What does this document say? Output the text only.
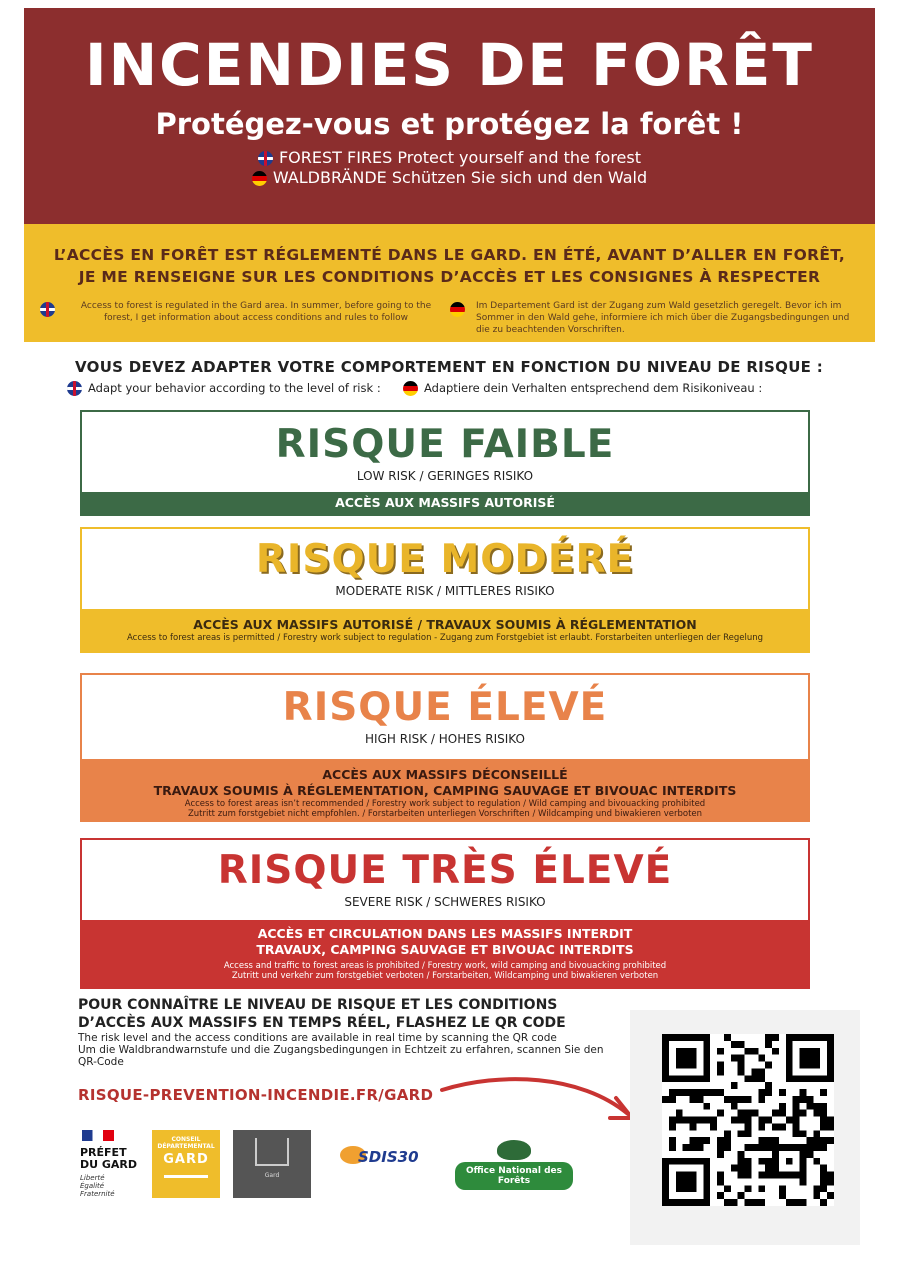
INCENDIES DE FORÊT
Protégez-vous et protégez la forêt !
FOREST FIRES Protect yourself and the forest
WALDBRÄNDE Schützen Sie sich und den Wald
L’ACCÈS EN FORÊT EST RÉGLEMENTÉ DANS LE GARD. EN ÉTÉ, AVANT D’ALLER EN FORÊT,
JE ME RENSEIGNE SUR LES CONDITIONS D’ACCÈS ET LES CONSIGNES À RESPECTER
Access to forest is regulated in the Gard area. In summer, before going to the forest, I get information about access conditions and rules to follow
Im Departement Gard ist der Zugang zum Wald gesetzlich geregelt. Bevor ich im Sommer in den Wald gehe, informiere ich mich über die Zugangsbedingungen und die zu beachtenden Vorschriften.
VOUS DEVEZ ADAPTER VOTRE COMPORTEMENT EN FONCTION DU NIVEAU DE RISQUE :
Adapt your behavior according to the level of risk :	Adaptiere dein Verhalten entsprechend dem Risikoniveau :
RISQUE FAIBLE
LOW RISK / GERINGES RISIKO
ACCÈS AUX MASSIFS AUTORISÉ
RISQUE MODÉRÉ
MODERATE RISK / MITTLERES RISIKO
ACCÈS AUX MASSIFS AUTORISÉ / TRAVAUX SOUMIS À RÉGLEMENTATION
Access to forest areas is permitted / Forestry work subject to regulation - Zugang zum Forstgebiet ist erlaubt. Forstarbeiten unterliegen der Regelung
RISQUE ÉLEVÉ
HIGH RISK / HOHES RISIKO
ACCÈS AUX MASSIFS DÉCONSEILLÉ
TRAVAUX SOUMIS À RÉGLEMENTATION, CAMPING SAUVAGE ET BIVOUAC INTERDITS
Access to forest areas isn’t recommended / Forestry work subject to regulation / Wild camping and bivouacking prohibited
Zutritt zum forstgebiet nicht empfohlen. / Forstarbeiten unterliegen Vorschriften / Wildcamping und biwakieren verboten
RISQUE TRÈS ÉLEVÉ
SEVERE RISK / SCHWERES RISIKO
ACCÈS ET CIRCULATION DANS LES MASSIFS INTERDIT
TRAVAUX, CAMPING SAUVAGE ET BIVOUAC INTERDITS
Access and traffic to forest areas is prohibited / Forestry work, wild camping and bivouacking prohibited
Zutritt und verkehr zum forstgebiet verboten / Forstarbeiten, Wildcamping und biwakieren verboten
POUR CONNAÎTRE LE NIVEAU DE RISQUE ET LES CONDITIONS
D’ACCÈS AUX MASSIFS EN TEMPS RÉEL, FLASHEZ LE QR CODE
The risk level and the access conditions are available in real time by scanning the QR code
Um die Waldbrandwarnstufe und die Zugangsbedingungen in Echtzeit zu erfahren, scannen Sie den QR-Code
RISQUE-PREVENTION-INCENDIE.FR/GARD
PRÉFET
DU GARD
Liberté
Égalité
Fraternité
CONSEIL DÉPARTEMENTAL
GARD
Gard
SDIS30
Office National des Forêts
